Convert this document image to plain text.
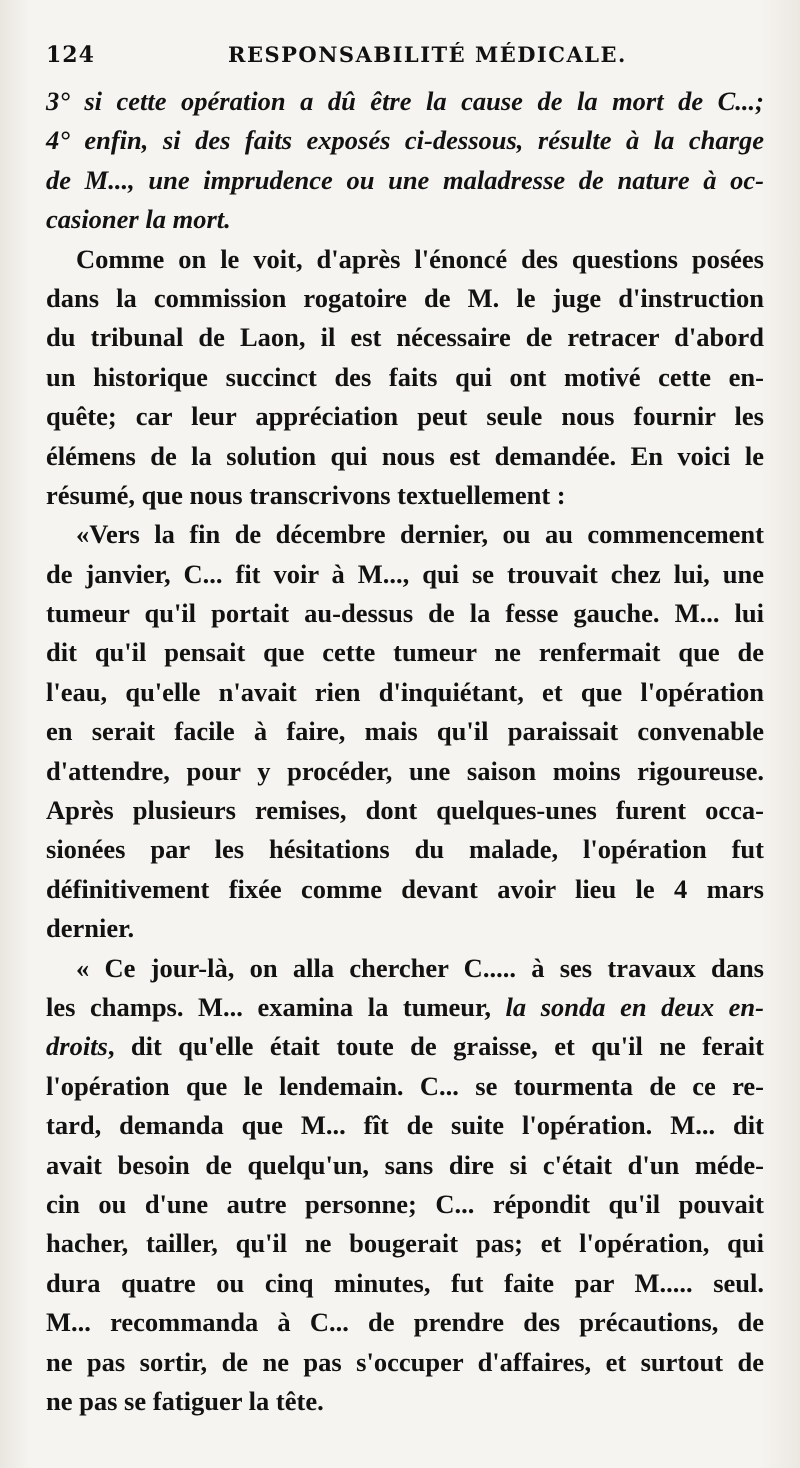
124	RESPONSABILITÉ MÉDICALE.
3° si cette opération a dû être la cause de la mort de C...;
4° enfin, si des faits exposés ci-dessous, résulte à la charge
de M..., une imprudence ou une maladresse de nature à oc-
casioner la mort.
Comme on le voit, d'après l'énoncé des questions posées
dans la commission rogatoire de M. le juge d'instruction
du tribunal de Laon, il est nécessaire de retracer d'abord
un historique succinct des faits qui ont motivé cette en-
quête; car leur appréciation peut seule nous fournir les
élémens de la solution qui nous est demandée. En voici le
résumé, que nous transcrivons textuellement :
«Vers la fin de décembre dernier, ou au commencement
de janvier, C... fit voir à M..., qui se trouvait chez lui, une
tumeur qu'il portait au-dessus de la fesse gauche. M... lui
dit qu'il pensait que cette tumeur ne renfermait que de
l'eau, qu'elle n'avait rien d'inquiétant, et que l'opération
en serait facile à faire, mais qu'il paraissait convenable
d'attendre, pour y procéder, une saison moins rigoureuse.
Après plusieurs remises, dont quelques-unes furent occa-
sionées par les hésitations du malade, l'opération fut
définitivement fixée comme devant avoir lieu le 4 mars
dernier.
« Ce jour-là, on alla chercher C..... à ses travaux dans
les champs. M... examina la tumeur, la sonda en deux en-
droits, dit qu'elle était toute de graisse, et qu'il ne ferait
l'opération que le lendemain. C... se tourmenta de ce re-
tard, demanda que M... fît de suite l'opération. M... dit
avait besoin de quelqu'un, sans dire si c'était d'un méde-
cin ou d'une autre personne; C... répondit qu'il pouvait
hacher, tailler, qu'il ne bougerait pas; et l'opération, qui
dura quatre ou cinq minutes, fut faite par M..... seul.
M... recommanda à C... de prendre des précautions, de
ne pas sortir, de ne pas s'occuper d'affaires, et surtout de
ne pas se fatiguer la tête.
